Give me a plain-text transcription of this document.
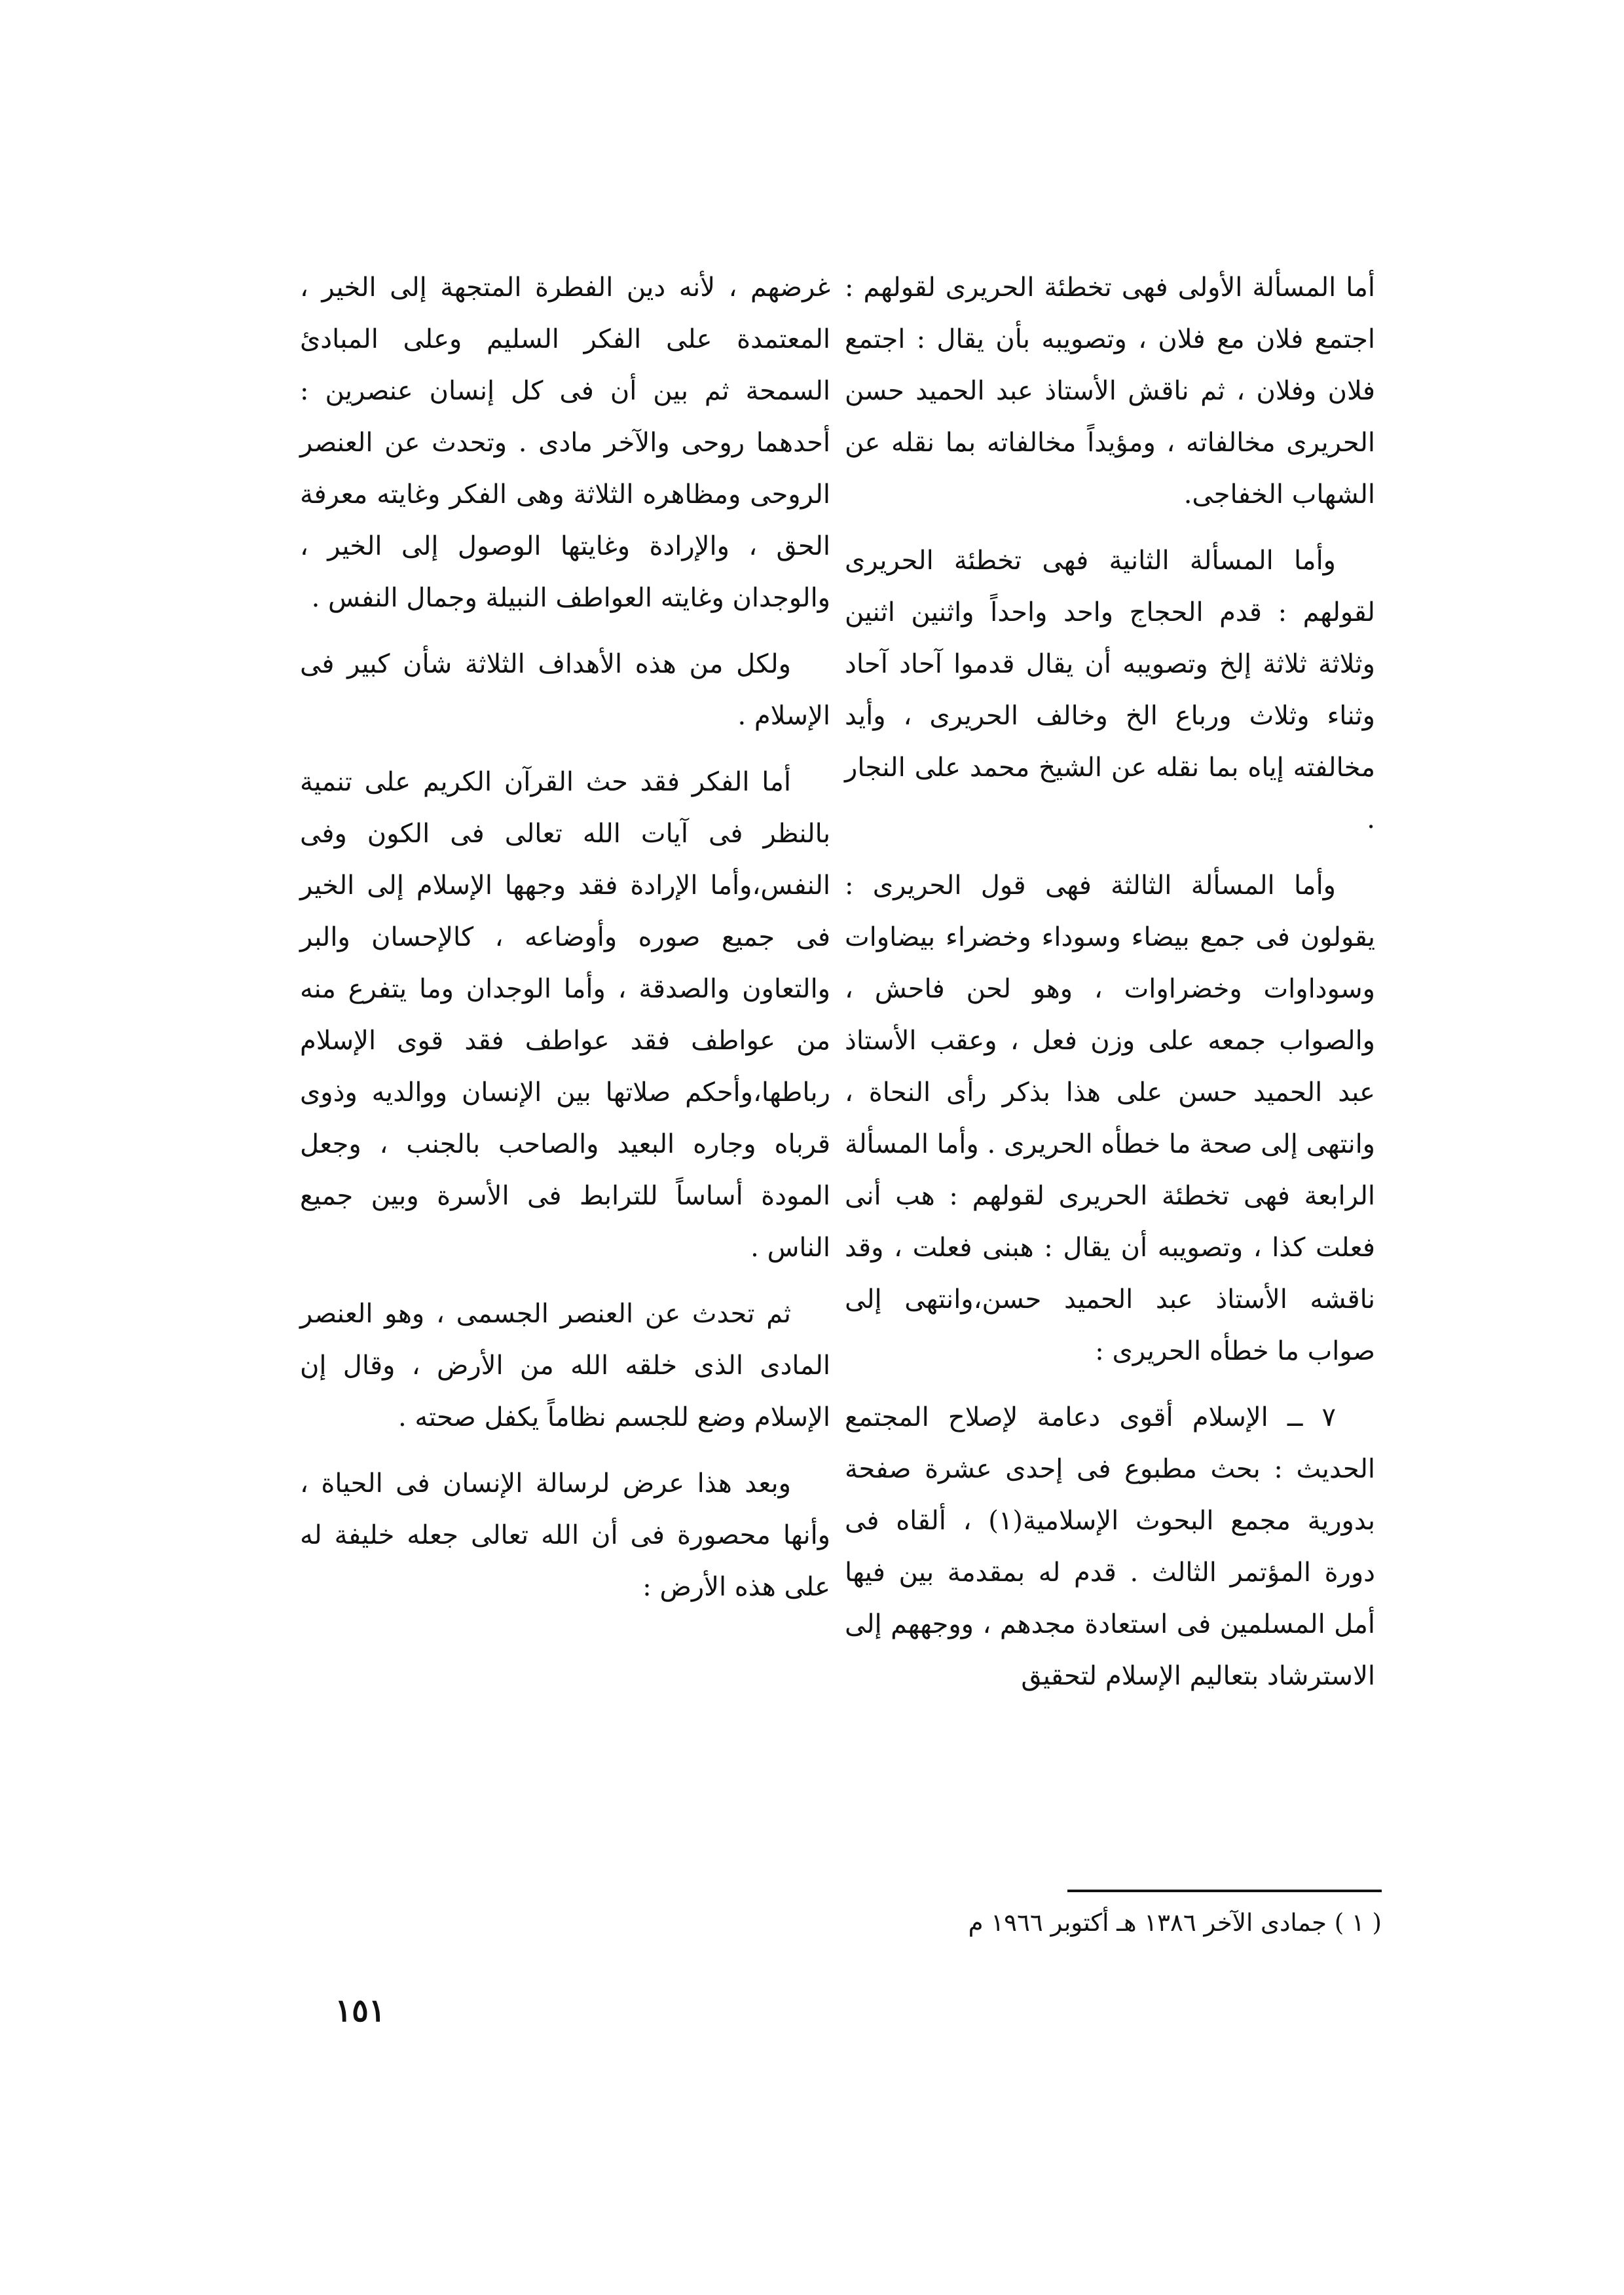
أما المسألة الأولى فهى تخطئة الحريرى لقولهم : اجتمع فلان مع فلان ، وتصويبه بأن يقال : اجتمع فلان وفلان ، ثم ناقش الأستاذ عبد الحميد حسن الحريرى مخالفاته ، ومؤيداً مخالفاته بما نقله عن الشهاب الخفاجى.

وأما المسألة الثانية فهى تخطئة الحريرى لقولهم : قدم الحجاج واحد واحداً واثنين اثنين وثلاثة ثلاثة إلخ وتصويبه أن يقال قدموا آحاد آحاد وثناء وثلاث ورباع الخ وخالف الحريرى ، وأيد مخالفته إياه بما نقله عن الشيخ محمد على النجار .

وأما المسألة الثالثة فهى قول الحريرى : يقولون فى جمع بيضاء وسوداء وخضراء بيضاوات وسوداوات وخضراوات ، وهو لحن فاحش ، والصواب جمعه على وزن فعل ، وعقب الأستاذ عبد الحميد حسن على هذا بذكر رأى النحاة ، وانتهى إلى صحة ما خطأه الحريرى . وأما المسألة الرابعة فهى تخطئة الحريرى لقولهم : هب أنى فعلت كذا ، وتصويبه أن يقال : هبنى فعلت ، وقد ناقشه الأستاذ عبد الحميد حسن،وانتهى إلى صواب ما خطأه الحريرى :

٧ ــ الإسلام أقوى دعامة لإصلاح المجتمع الحديث : بحث مطبوع فى إحدى عشرة صفحة بدورية مجمع البحوث الإسلامية(١) ، ألقاه فى دورة المؤتمر الثالث . قدم له بمقدمة بين فيها أمل المسلمين فى استعادة مجدهم ، ووجههم إلى الاسترشاد بتعاليم الإسلام لتحقيق

غرضهم ، لأنه دين الفطرة المتجهة إلى الخير ، المعتمدة على الفكر السليم وعلى المبادئ السمحة ثم بين أن فى كل إنسان عنصرين : أحدهما روحى والآخر مادى . وتحدث عن العنصر الروحى ومظاهره الثلاثة وهى الفكر وغايته معرفة الحق ، والإرادة وغايتها الوصول إلى الخير ، والوجدان وغايته العواطف النبيلة وجمال النفس .

ولكل من هذه الأهداف الثلاثة شأن كبير فى الإسلام .

أما الفكر فقد حث القرآن الكريم على تنمية بالنظر فى آيات الله تعالى فى الكون وفى النفس،وأما الإرادة فقد وجهها الإسلام إلى الخير فى جميع صوره وأوضاعه ، كالإحسان والبر والتعاون والصدقة ، وأما الوجدان وما يتفرع منه من عواطف فقد عواطف فقد قوى الإسلام رباطها،وأحكم صلاتها بين الإنسان ووالديه وذوى قرباه وجاره البعيد والصاحب بالجنب ، وجعل المودة أساساً للترابط فى الأسرة وبين جميع الناس .

ثم تحدث عن العنصر الجسمى ، وهو العنصر المادى الذى خلقه الله من الأرض ، وقال إن الإسلام وضع للجسم نظاماً يكفل صحته .

وبعد هذا عرض لرسالة الإنسان فى الحياة ، وأنها محصورة فى أن الله تعالى جعله خليفة له على هذه الأرض :

( ١ ) جمادى الآخر ١٣٨٦ هـ أكتوبر ١٩٦٦ م
١٥١
